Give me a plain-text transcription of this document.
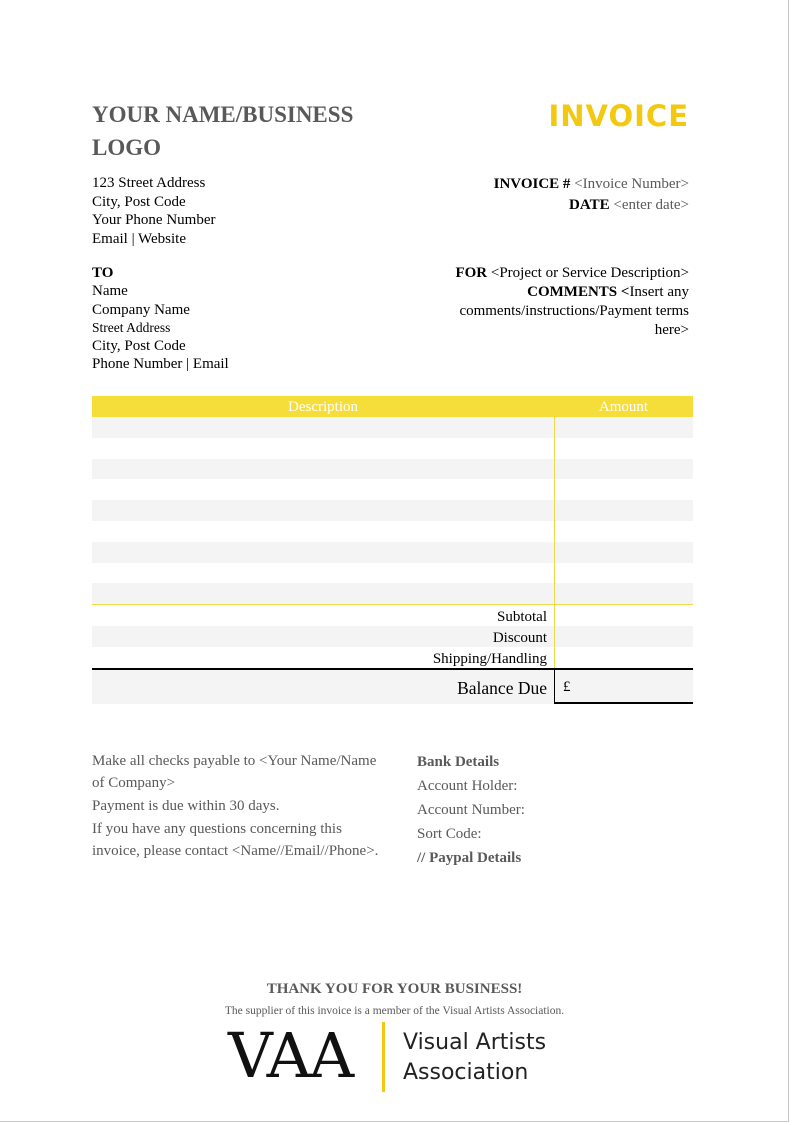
YOUR NAME/BUSINESS LOGO
INVOICE
123 Street Address
City, Post Code
Your Phone Number
Email | Website
INVOICE # <Invoice Number>
DATE <enter date>
TO
Name
Company Name
Street Address
City, Post Code
Phone Number | Email
FOR <Project or Service Description>
COMMENTS <Insert any comments/instructions/Payment terms here>
Description	Amount
Subtotal
Discount
Shipping/Handling
Balance Due	£

Make all checks payable to <Your Name/Name of Company>

Payment is due within 30 days.

If you have any questions concerning this invoice, please contact <Name//Email//Phone>.

Bank Details
Account Holder:
Account Number:
Sort Code:
// Paypal Details
THANK YOU FOR YOUR BUSINESS!
The supplier of this invoice is a member of the Visual Artists Association.
VAA Visual Artists
Association
